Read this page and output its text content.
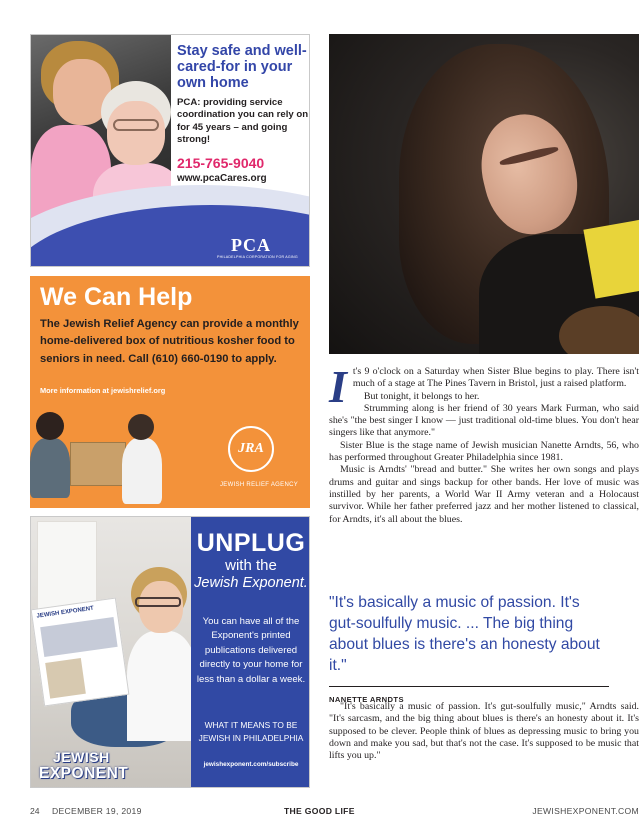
Stay safe and well-cared-for in your own home
PCA: providing service coordination you can rely on for 45 years – and going strong!
215-765-9040
www.pcaCares.org
PCA
PHILADELPHIA CORPORATION FOR AGING
We Can Help
The Jewish Relief Agency can provide a monthly home-delivered box of nutritious kosher food to seniors in need. Call (610) 660-0190 to apply.
More information at jewishrelief.org
JRA
JEWISH RELIEF AGENCY
JEWISH EXPONENT
JEWISH
EXPONENT
UNPLUG
with the
Jewish Exponent.
You can have all of the Exponent's printed publications delivered directly to your home for less than a dollar a week.
WHAT IT MEANS TO BE JEWISH IN PHILADELPHIA
jewishexponent.com/subscribe
I t's 9 o'clock on a Saturday when Sister Blue begins to play. There isn't much of a stage at The Pines Tavern in Bristol, just a raised platform.

But tonight, it belongs to her.

Strumming along is her friend of 30 years Mark Furman, who said she's "the best singer I know — just traditional old-time blues. You don't hear singers like that anymore."

Sister Blue is the stage name of Jewish musician Nanette Arndts, 56, who has performed throughout Greater Philadelphia since 1981.

Music is Arndts' "bread and butter." She writes her own songs and plays drums and guitar and sings backup for other bands. Her love of music was instilled by her parents, a World War II Army veteran and a Holocaust survivor. While her father preferred jazz and her mother listened to classical, for Arndts, it's all about the blues.

"It's basically a music of passion. It's gut-soulfully music. ... The big thing about blues is there's an honesty about it."
NANETTE ARNDTS

"It's basically a music of passion. It's gut-soulfully music," Arndts said. "It's sarcasm, and the big thing about blues is there's an honesty about it. It's supposed to be clever. People think of blues as depressing music to bring you down and make you sad, but that's not the case. It's supposed to be music that lifts you up."

24 DECEMBER 19, 2019	THE GOOD LIFE	JEWISHEXPONENT.COM
